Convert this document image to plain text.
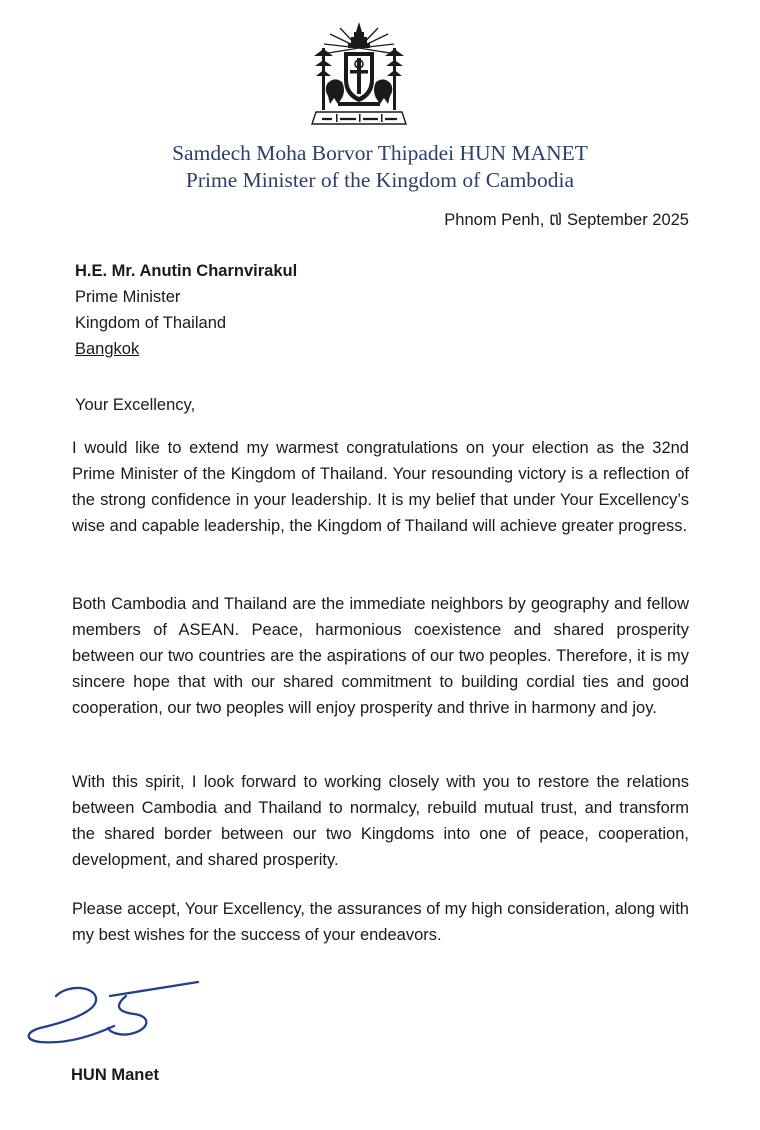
Samdech Moha Borvor Thipadei HUN MANET
Prime Minister of the Kingdom of Cambodia
Phnom Penh, ៧ September 2025
H.E. Mr. Anutin Charnvirakul
Prime Minister
Kingdom of Thailand
Bangkok
Your Excellency,

I would like to extend my warmest congratulations on your election as the 32nd Prime Minister of the Kingdom of Thailand. Your resounding victory is a reflection of the strong confidence in your leadership. It is my belief that under Your Excellency’s wise and capable leadership, the Kingdom of Thailand will achieve greater progress.

Both Cambodia and Thailand are the immediate neighbors by geography and fellow members of ASEAN. Peace, harmonious coexistence and shared prosperity between our two countries are the aspirations of our two peoples. Therefore, it is my sincere hope that with our shared commitment to building cordial ties and good cooperation, our two peoples will enjoy prosperity and thrive in harmony and joy.

With this spirit, I look forward to working closely with you to restore the relations between Cambodia and Thailand to normalcy, rebuild mutual trust, and transform the shared border between our two Kingdoms into one of peace, cooperation, development, and shared prosperity.

Please accept, Your Excellency, the assurances of my high consideration, along with my best wishes for the success of your endeavors.

HUN Manet
